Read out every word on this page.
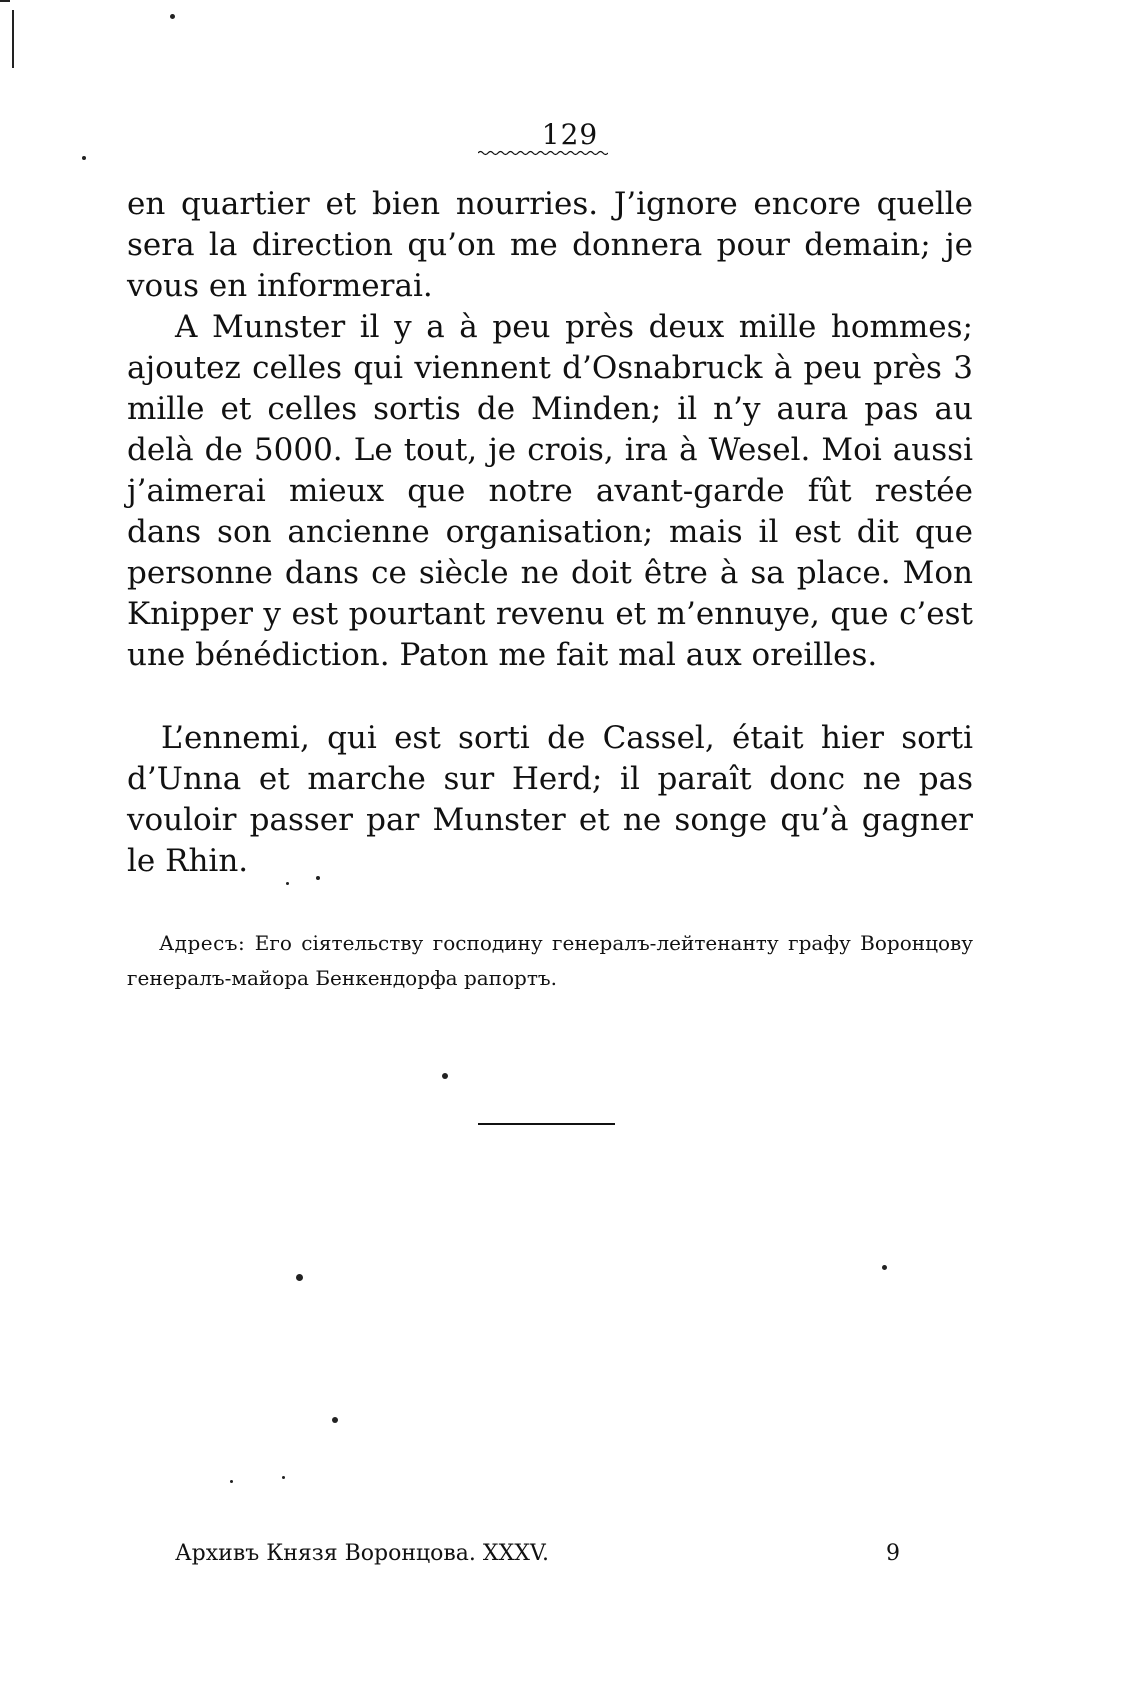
129

en quartier et bien nourries. J’ignore encore quelle sera la direction qu’on me donnera pour demain; je vous en informerai.

A Munster il y a à peu près deux mille hommes; ajoutez celles qui viennent d’Osnabruck à peu près 3 mille et celles sortis de Minden; il n’y aura pas au delà de 5000. Le tout, je crois, ira à Wesel. Moi aussi j’aimerai mieux que notre avant-garde fût restée dans son ancienne organisation; mais il est dit que personne dans ce siècle ne doit être à sa place. Mon Knipper y est pourtant revenu et m’ennuye, que c’est une bénédiction. Paton me fait mal aux oreilles.

L’ennemi, qui est sorti de Cassel, était hier sorti d’Unna et marche sur Herd; il paraît donc ne pas vouloir passer par Munster et ne songe qu’à gagner le Rhin.

Адресъ: Его сіятельству господину генералъ-лейтенанту графу Воронцову генералъ-майора Бенкендорфа рапортъ.
Архивъ Князя Воронцова. XXXV.	9
